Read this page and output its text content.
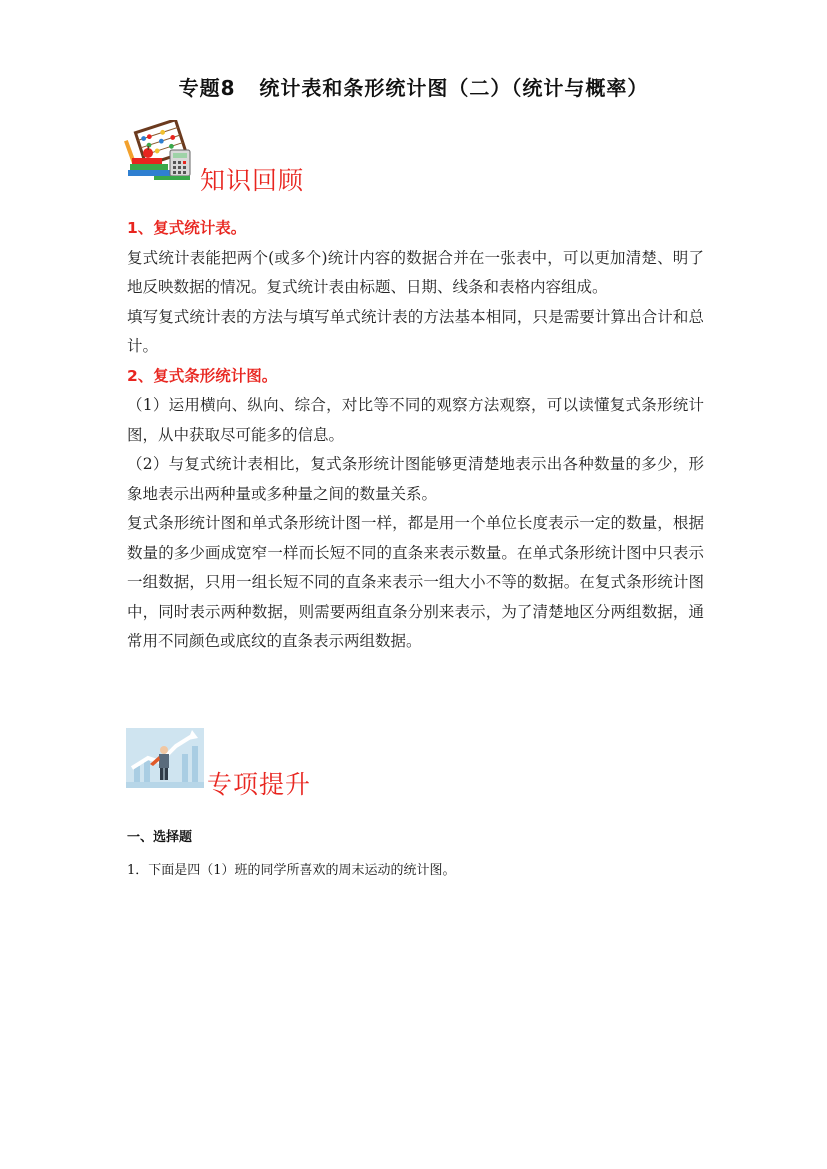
专题8   统计表和条形统计图（二）（统计与概率）
知识回顾

1、复式统计表。

复式统计表能把两个(或多个)统计内容的数据合并在一张表中，可以更加清楚、明了地反映数据的情况。复式统计表由标题、日期、线条和表格内容组成。

填写复式统计表的方法与填写单式统计表的方法基本相同，只是需要计算出合计和总计。

2、复式条形统计图。

（1）运用横向、纵向、综合，对比等不同的观察方法观察，可以读懂复式条形统计图，从中获取尽可能多的信息。

（2）与复式统计表相比，复式条形统计图能够更清楚地表示出各种数量的多少，形象地表示出两种量或多种量之间的数量关系。

复式条形统计图和单式条形统计图一样，都是用一个单位长度表示一定的数量，根据数量的多少画成宽窄一样而长短不同的直条来表示数量。在单式条形统计图中只表示一组数据，只用一组长短不同的直条来表示一组大小不等的数据。在复式条形统计图中，同时表示两种数据，则需要两组直条分别来表示，为了清楚地区分两组数据，通常用不同颜色或底纹的直条表示两组数据。

专项提升
一、选择题
1．下面是四（1）班的同学所喜欢的周末运动的统计图。
